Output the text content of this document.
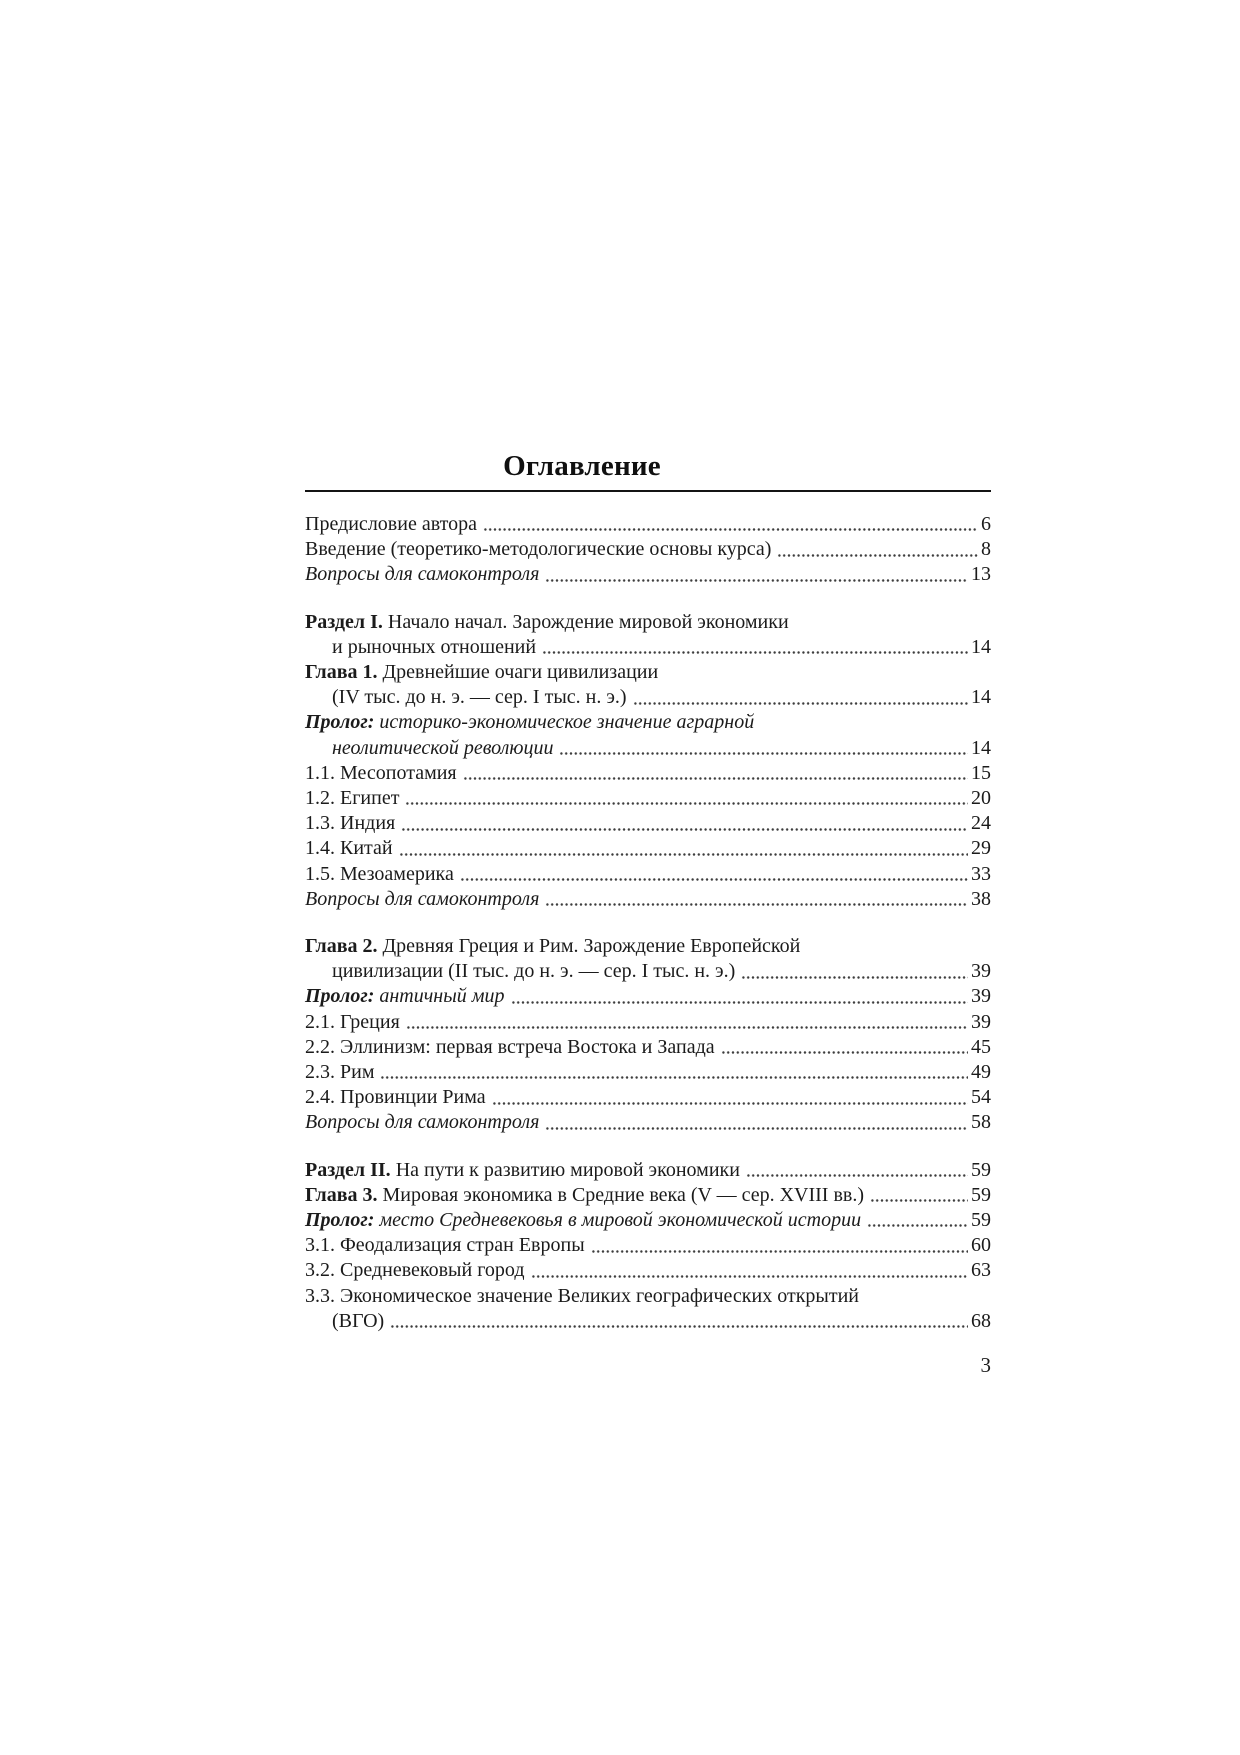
Оглавление
Предисловие автора	6
Введение (теоретико-методологические основы курса)	8
Вопросы для самоконтроля	13
Раздел I. Начало начал. Зарождение мировой экономики
и рыночных отношений	14
Глава 1. Древнейшие очаги цивилизации
(IV тыс. до н. э. — сер. I тыс. н. э.)	14
Пролог: историко-экономическое значение аграрной
неолитической революции	14
1.1. Месопотамия	15
1.2. Египет	20
1.3. Индия	24
1.4. Китай	29
1.5. Мезоамерика	33
Вопросы для самоконтроля	38
Глава 2. Древняя Греция и Рим. Зарождение Европейской
цивилизации (II тыс. до н. э. — сер. I тыс. н. э.)	39
Пролог: античный мир	39
2.1. Греция	39
2.2. Эллинизм: первая встреча Востока и Запада	45
2.3. Рим	49
2.4. Провинции Рима	54
Вопросы для самоконтроля	58
Раздел II. На пути к развитию мировой экономики	59
Глава 3. Мировая экономика в Средние века (V — сер. XVIII вв.)	59
Пролог: место Средневековья в мировой экономической истории	59
3.1. Феодализация стран Европы	60
3.2. Средневековый город	63
3.3. Экономическое значение Великих географических открытий
(ВГО)	68
3
